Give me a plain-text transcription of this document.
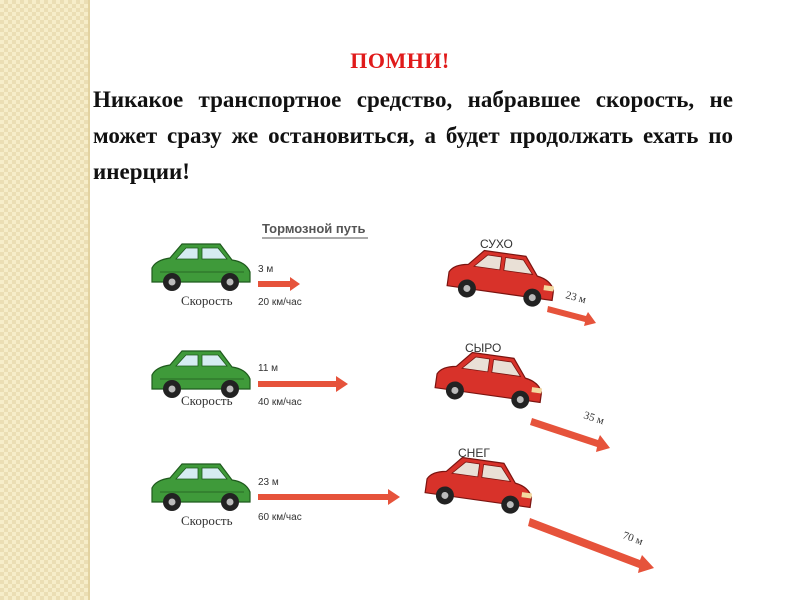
ПОМНИ!
Никакое транспортное средство, набравшее скорость, не может сразу же остановиться, а будет продолжать ехать по инерции!
Тормозной путь
Скорость
3 м
20 км/час
СУХО
23 м
Скорость
11 м
40 км/час
СЫРО
35 м
Скорость
23 м
60 км/час
СНЕГ
70 м
